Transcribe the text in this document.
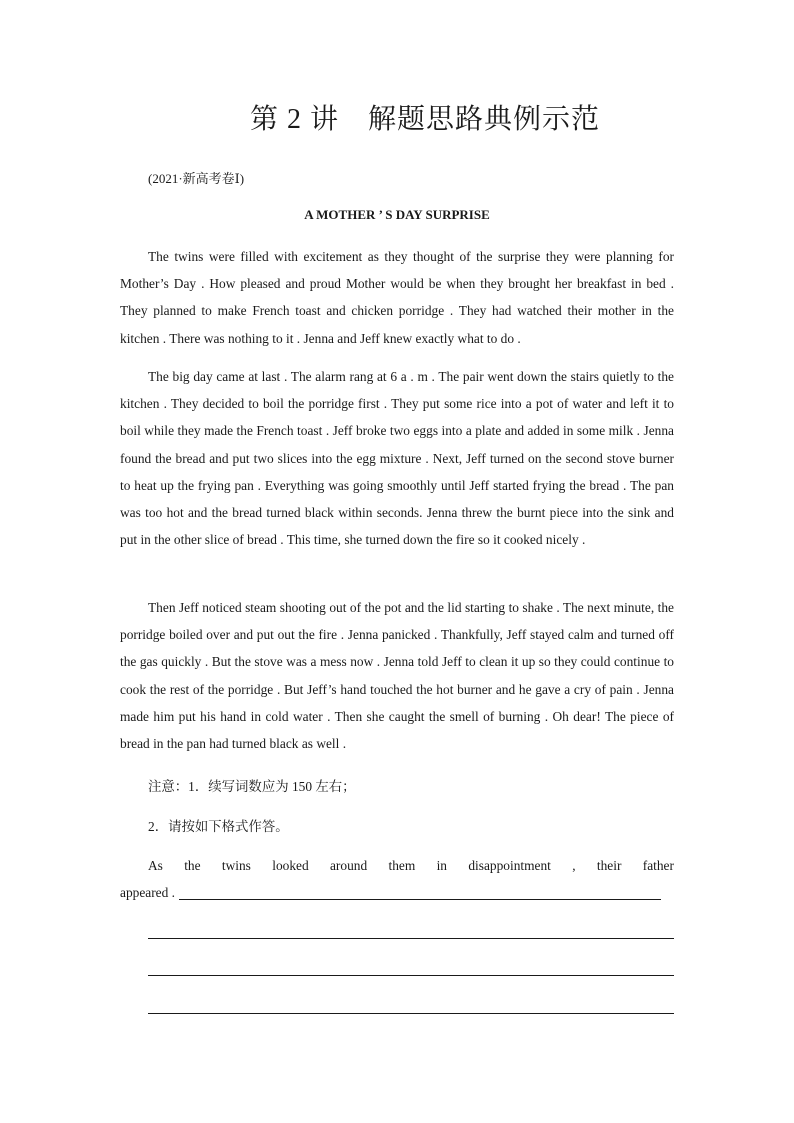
第 2 讲　解题思路典例示范
(2021·新高考卷Ⅰ)
A MOTHER ’ S DAY SURPRISE

The twins were filled with excitement as they thought of the surprise they were planning for Mother’s Day . How pleased and proud Mother would be when they brought her breakfast in bed . They planned to make French toast and chicken porridge . They had watched their mother in the kitchen . There was nothing to it . Jenna and Jeff knew exactly what to do .

The big day came at last . The alarm rang at 6 a . m . The pair went down the stairs quietly to the kitchen . They decided to boil the porridge first . They put some rice into a pot of water and left it to boil while they made the French toast . Jeff broke two eggs into a plate and added in some milk . Jenna found the bread and put two slices into the egg mixture . Next, Jeff turned on the second stove burner to heat up the frying pan . Everything was going smoothly until Jeff started frying the bread . The pan was too hot and the bread turned black within seconds. Jenna threw the burnt piece into the sink and put in the other slice of bread . This time, she turned down the fire so it cooked nicely .

Then Jeff noticed steam shooting out of the pot and the lid starting to shake . The next minute, the porridge boiled over and put out the fire . Jenna panicked . Thankfully, Jeff stayed calm and turned off the gas quickly . But the stove was a mess now . Jenna told Jeff to clean it up so they could continue to cook the rest of the porridge . But Jeff’s hand touched the hot burner and he gave a cry of pain . Jenna made him put his hand in cold water . Then she caught the smell of burning . Oh dear! The piece of bread in the pan had turned black as well .

注意：1．续写词数应为 150 左右；
2．请按如下格式作答。
As the twins looked around them in disappointment , their father
appeared .
